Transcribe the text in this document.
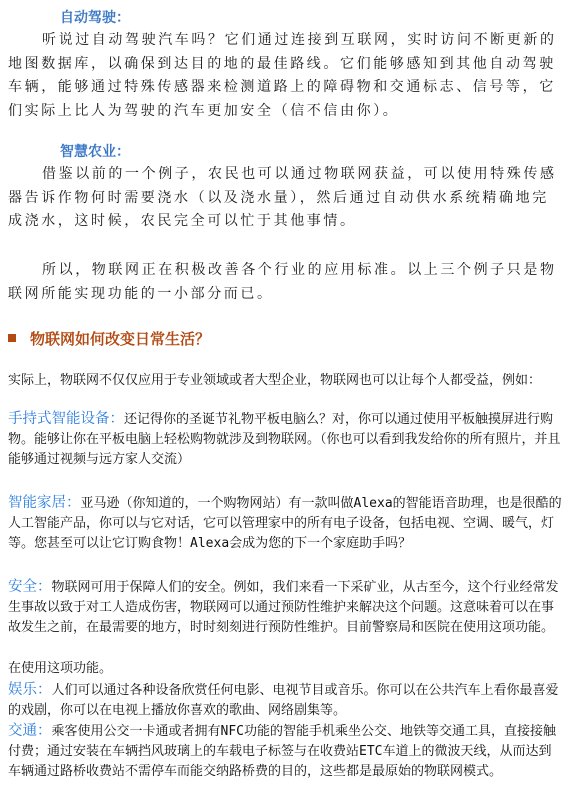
自动驾驶：

听说过自动驾驶汽车吗？它们通过连接到互联网，实时访问不断更新的地图数据库，以确保到达目的地的最佳路线。它们能够感知到其他自动驾驶车辆，能够通过特殊传感器来检测道路上的障碍物和交通标志、信号等，它们实际上比人为驾驶的汽车更加安全（信不信由你）。

智慧农业：

借鉴以前的一个例子，农民也可以通过物联网获益，可以使用特殊传感器告诉作物何时需要浇水（以及浇水量），然后通过自动供水系统精确地完成浇水，这时候，农民完全可以忙于其他事情。

所以，物联网正在积极改善各个行业的应用标准。以上三个例子只是物联网所能实现功能的一小部分而已。

物联网如何改变日常生活？

实际上，物联网不仅仅应用于专业领域或者大型企业，物联网也可以让每个人都受益，例如：

手持式智能设备：还记得你的圣诞节礼物平板电脑么？对，你可以通过使用平板触摸屏进行购物。能够让你在平板电脑上轻松购物就涉及到物联网。（你也可以看到我发给你的所有照片，并且能够通过视频与远方家人交流）

智能家居：亚马逊（你知道的，一个购物网站）有一款叫做Alexa的智能语音助理，也是很酷的人工智能产品，你可以与它对话，它可以管理家中的所有电子设备，包括电视、空调、暖气，灯等。您甚至可以让它订购食物！Alexa会成为您的下一个家庭助手吗？

安全：物联网可用于保障人们的安全。例如，我们来看一下采矿业，从古至今，这个行业经常发生事故以致于对工人造成伤害，物联网可以通过预防性维护来解决这个问题。这意味着可以在事故发生之前，在最需要的地方，时时刻刻进行预防性维护。目前警察局和医院在使用这项功能。

在使用这项功能。

娱乐：人们可以通过各种设备欣赏任何电影、电视节目或音乐。你可以在公共汽车上看你最喜爱的戏剧，你可以在电视上播放你喜欢的歌曲、网络剧集等。

交通：乘客使用公交一卡通或者拥有NFC功能的智能手机乘坐公交、地铁等交通工具，直接接触付费；通过安装在车辆挡风玻璃上的车载电子标签与在收费站ETC车道上的微波天线，从而达到车辆通过路桥收费站不需停车而能交纳路桥费的目的，这些都是最原始的物联网模式。
